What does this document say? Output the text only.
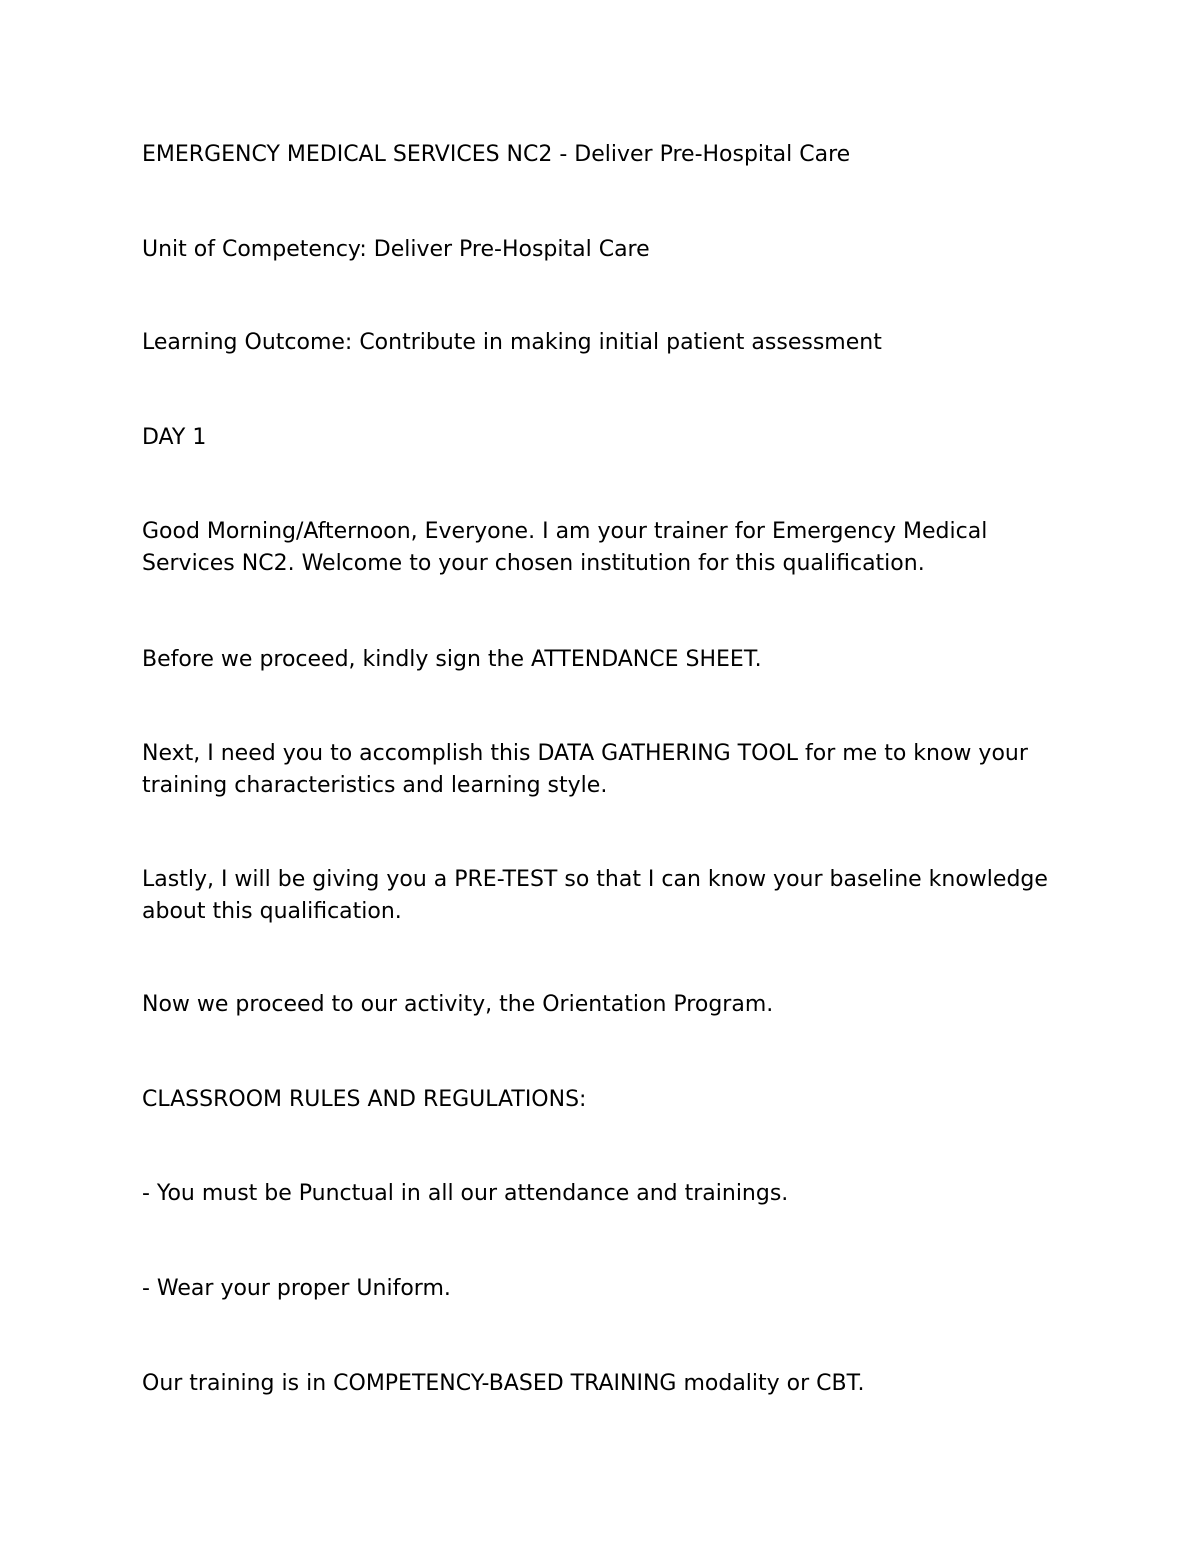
EMERGENCY MEDICAL SERVICES NC2 - Deliver Pre-Hospital Care

Unit of Competency: Deliver Pre-Hospital Care

Learning Outcome: Contribute in making initial patient assessment

DAY 1

Good Morning/Afternoon, Everyone. I am your trainer for Emergency Medical Services NC2. Welcome to your chosen institution for this qualification.

Before we proceed, kindly sign the ATTENDANCE SHEET.

Next, I need you to accomplish this DATA GATHERING TOOL for me to know your training characteristics and learning style.

Lastly, I will be giving you a PRE-TEST so that I can know your baseline knowledge about this qualification.

Now we proceed to our activity, the Orientation Program.

CLASSROOM RULES AND REGULATIONS:

- You must be Punctual in all our attendance and trainings.

- Wear your proper Uniform.

Our training is in COMPETENCY-BASED TRAINING modality or CBT.
